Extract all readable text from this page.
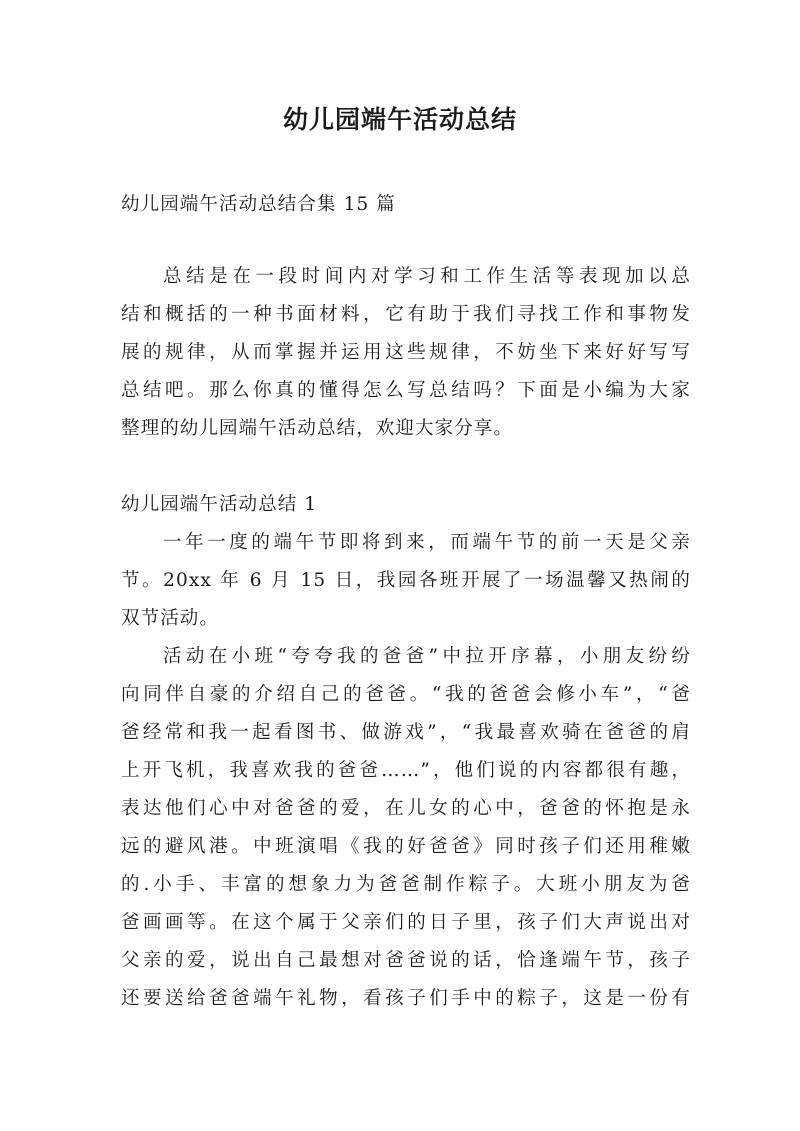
幼儿园端午活动总结

幼儿园端午活动总结合集 15 篇

总结是在一段时间内对学习和工作生活等表现加以总

结和概括的一种书面材料，它有助于我们寻找工作和事物发

展的规律，从而掌握并运用这些规律，不妨坐下来好好写写

总结吧。那么你真的懂得怎么写总结吗？下面是小编为大家

整理的幼儿园端午活动总结，欢迎大家分享。

幼儿园端午活动总结 1

一年一度的端午节即将到来，而端午节的前一天是父亲

节。20xx 年 6 月 15 日，我园各班开展了一场温馨又热闹的

双节活动。

活动在小班“夸夸我的爸爸”中拉开序幕，小朋友纷纷

向同伴自豪的介绍自己的爸爸。“我的爸爸会修小车”，“爸

爸经常和我一起看图书、做游戏”，“我最喜欢骑在爸爸的肩

上开飞机，我喜欢我的爸爸……”，他们说的内容都很有趣，

表达他们心中对爸爸的爱，在儿女的心中，爸爸的怀抱是永

远的避风港。中班演唱《我的好爸爸》同时孩子们还用稚嫩

的.小手、丰富的想象力为爸爸制作粽子。大班小朋友为爸

爸画画等。在这个属于父亲们的日子里，孩子们大声说出对

父亲的爱，说出自己最想对爸爸说的话，恰逢端午节，孩子

还要送给爸爸端午礼物，看孩子们手中的粽子，这是一份有
